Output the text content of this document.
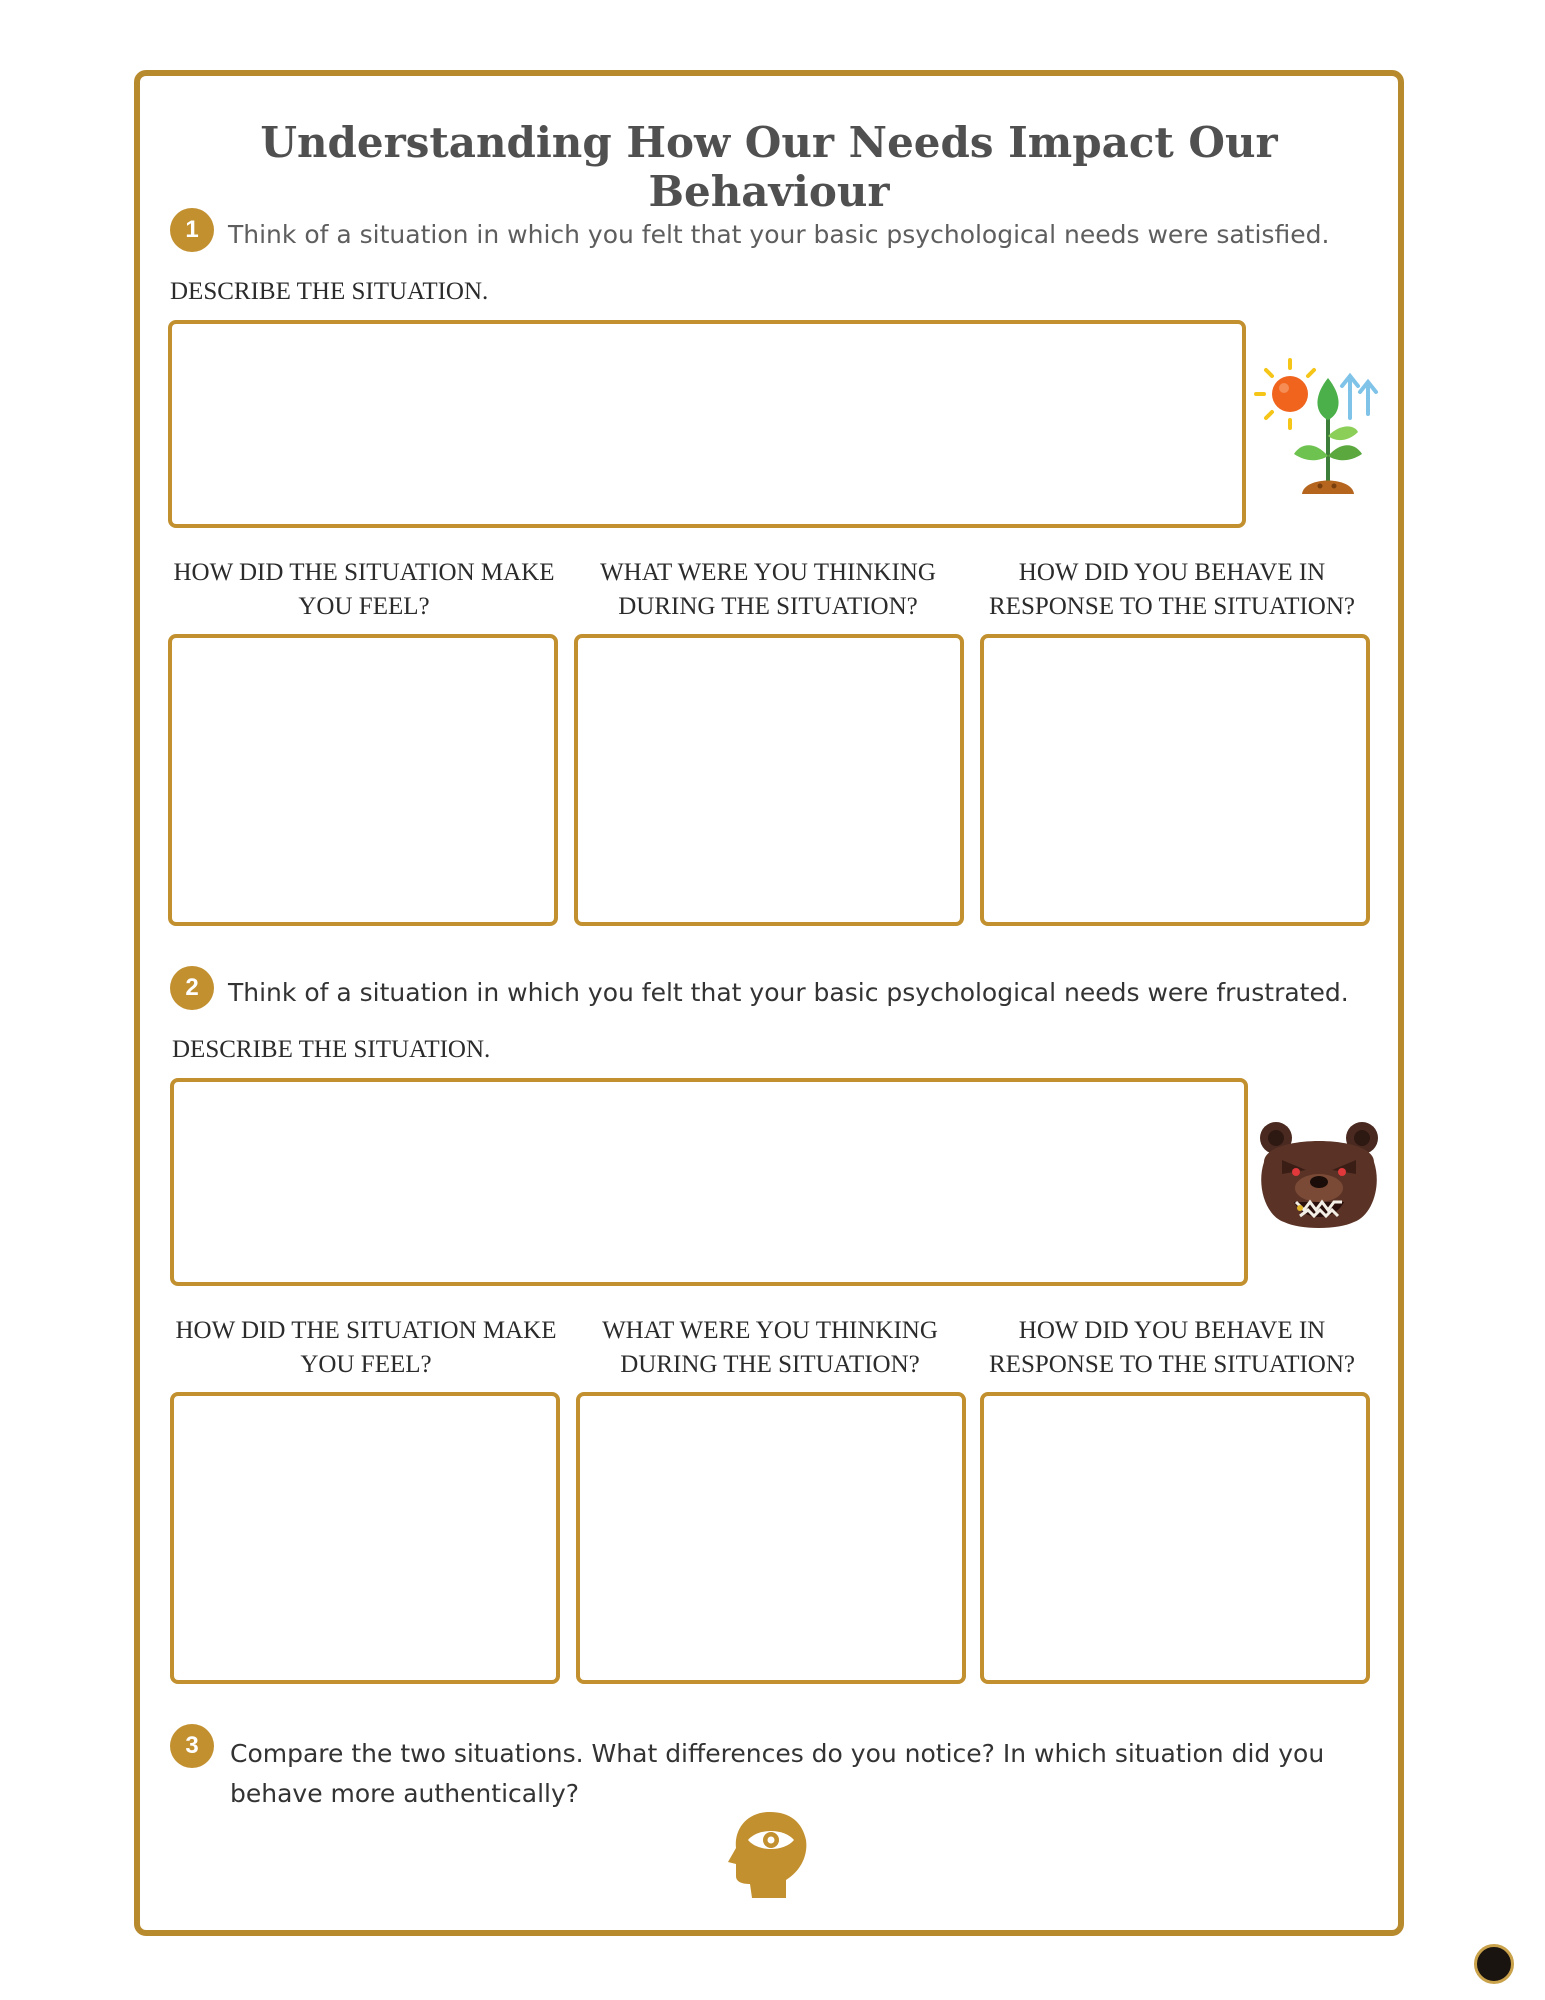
Understanding How Our Needs Impact Our Behaviour
1	Think of a situation in which you felt that your basic psychological needs were satisfied.
DESCRIBE THE SITUATION.
HOW DID THE SITUATION MAKE YOU FEEL?
WHAT WERE YOU THINKING DURING THE SITUATION?
HOW DID YOU BEHAVE IN RESPONSE TO THE SITUATION?
2	Think of a situation in which you felt that your basic psychological needs were frustrated.
DESCRIBE THE SITUATION.
HOW DID THE SITUATION MAKE YOU FEEL?
WHAT WERE YOU THINKING DURING THE SITUATION?
HOW DID YOU BEHAVE IN RESPONSE TO THE SITUATION?
3	Compare the two situations. What differences do you notice? In which situation did you behave more authentically?
